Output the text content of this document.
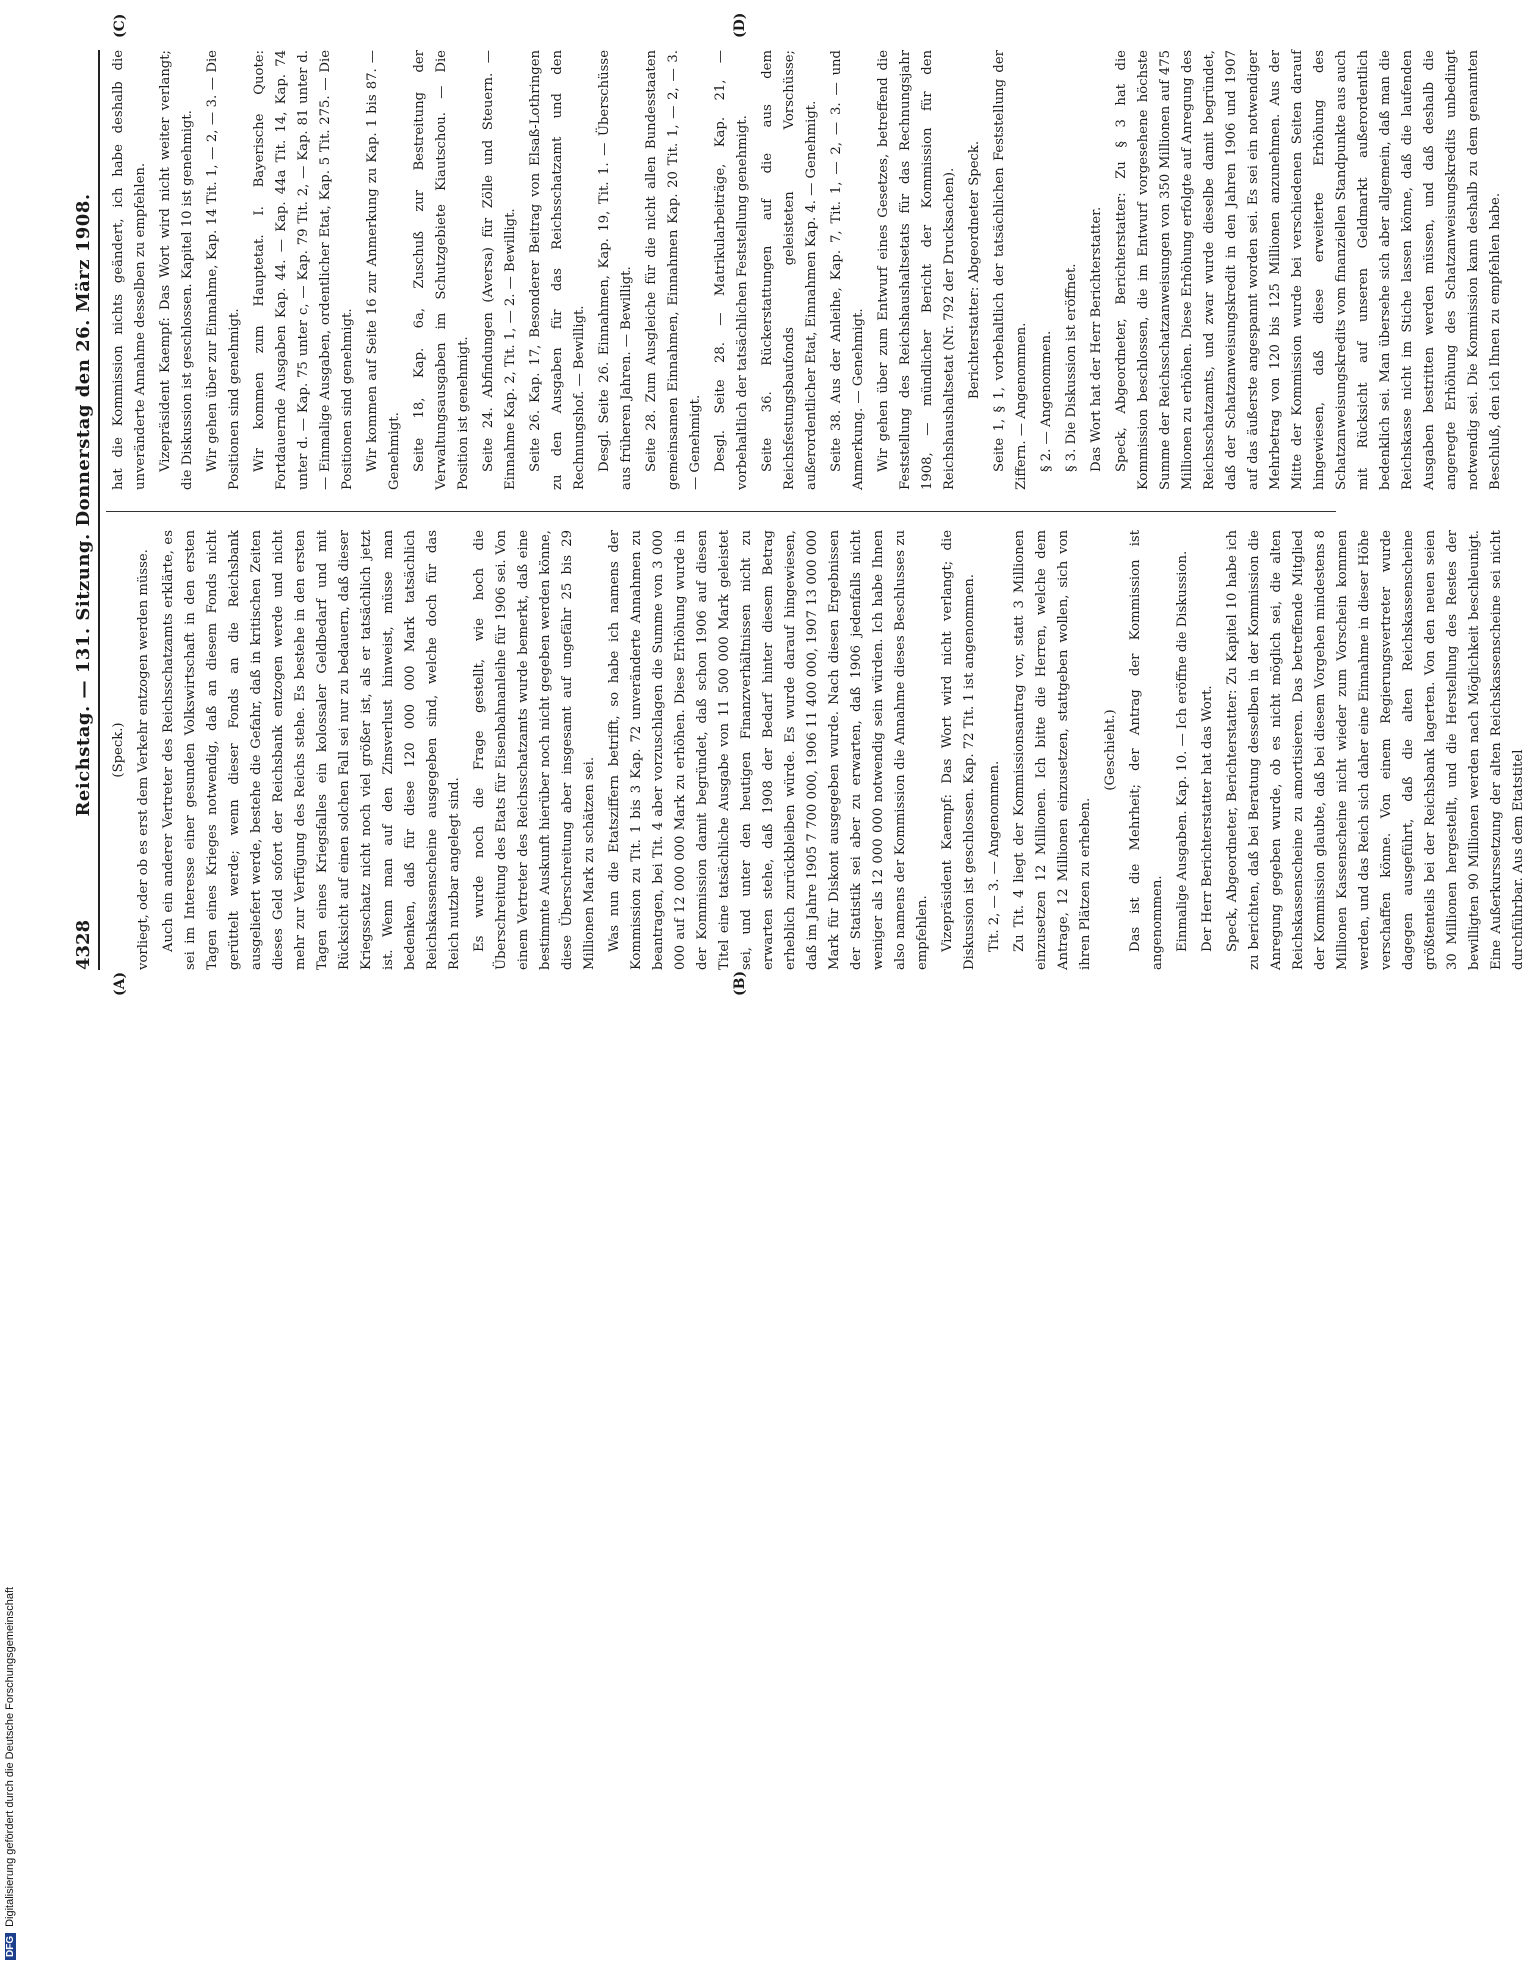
4328
Reichstag. — 131. Sitzung. Donnerstag den 26. März 1908.
(A)	(B)
(C)	(D)

(Speck.) vorliegt, oder ob es erst dem Verkehr entzogen werden müsse. Auch ein anderer Vertreter des Reichsschatzamts erklärte, es sei im Interesse einer gesunden Volkswirtschaft in den ersten Tagen eines Krieges notwendig, daß an diesem Fonds nicht gerüttelt werde; wenn dieser Fonds an die Reichsbank ausgeliefert werde, bestehe die Gefahr, daß in kritischen Zeiten dieses Geld sofort der Reichsbank entzogen werde und nicht mehr zur Verfügung des Reichs stehe. Es bestehe in den ersten Tagen eines Kriegsfalles ein kolossaler Geldbedarf und mit Rücksicht auf einen solchen Fall sei nur zu bedauern, daß dieser Kriegsschatz nicht noch viel größer ist, als er tatsächlich jetzt ist. Wenn man auf den Zinsverlust hinweist, müsse man bedenken, daß für diese 120 000 000 Mark tatsächlich Reichskassenscheine ausgegeben sind, welche doch für das Reich nutzbar angelegt sind. Es wurde noch die Frage gestellt, wie hoch die Überschreitung des Etats für Eisenbahnanleihe für 1906 sei. Von einem Vertreter des Reichsschatzamts wurde bemerkt, daß eine bestimmte Auskunft hierüber noch nicht gegeben werden könne, diese Überschreitung aber insgesamt auf ungefähr 25 bis 29 Millionen Mark zu schätzen sei. Was nun die Etatsziffern betrifft, so habe ich namens der Kommission zu Tit. 1 bis 3 Kap. 72 unveränderte Annahmen zu beantragen, bei Tit. 4 aber vorzuschlagen die Summe von 3 000 000 auf 12 000 000 Mark zu erhöhen. Diese Erhöhung wurde in der Kommission damit begründet, daß schon 1906 auf diesen Titel eine tatsächliche Ausgabe von 11 500 000 Mark geleistet sei, und unter den heutigen Finanzverhältnissen nicht zu erwarten stehe, daß 1908 der Bedarf hinter diesem Betrag erheblich zurückbleiben würde. Es wurde darauf hingewiesen, daß im Jahre 1905 7 700 000, 1906 11 400 000, 1907 13 000 000 Mark für Diskont ausgegeben wurde. Nach diesen Ergebnissen der Statistik sei aber zu erwarten, daß 1906 jedenfalls nicht weniger als 12 000 000 notwendig sein würden. Ich habe Ihnen also namens der Kommission die Annahme dieses Beschlusses zu empfehlen. Vizepräsident Kaempf: Das Wort wird nicht verlangt; die Diskussion ist geschlossen. Kap. 72 Tit. 1 ist angenommen. Tit. 2, — 3. — Angenommen. Zu Tit. 4 liegt der Kommissionsantrag vor, statt 3 Millionen einzusetzen 12 Millionen. Ich bitte die Herren, welche dem Antrage, 12 Millionen einzusetzen, stattgeben wollen, sich von ihren Plätzen zu erheben.

(Geschieht.) Das ist die Mehrheit; der Antrag der Kommission ist angenommen. Einmalige Ausgaben. Kap. 10. — Ich eröffne die Diskussion. Der Herr Berichterstatter hat das Wort. Speck, Abgeordneter, Berichterstatter: Zu Kapitel 10 habe ich zu berichten, daß bei Beratung desselben in der Kommission die Anregung gegeben wurde, ob es nicht möglich sei, die alten Reichskassenscheine zu amortisieren. Das betreffende Mitglied der Kommission glaubte, daß bei diesem Vorgehen mindestens 8 Millionen Kassenscheine nicht wieder zum Vorschein kommen werden, und das Reich sich daher eine Einnahme in dieser Höhe verschaffen könne. Von einem Regierungsvertreter wurde dagegen ausgeführt, daß die alten Reichskassenscheine größtenteils bei der Reichsbank lagerten. Von den neuen seien 30 Millionen hergestellt, und die Herstellung des Restes der bewilligten 90 Millionen werden nach Möglichkeit beschleunigt. Eine Außerkurssetzung der alten Reichskassenscheine sei nicht durchführbar. Aus dem Etatstitel

hat die Kommission nichts geändert, ich habe deshalb die unveränderte Annahme desselben zu empfehlen. Vizepräsident Kaempf: Das Wort wird nicht weiter verlangt; die Diskussion ist geschlossen. Kapitel 10 ist genehmigt. Wir gehen über zur Einnahme, Kap. 14 Tit. 1, — 2, — 3. — Die Positionen sind genehmigt. Wir kommen zum Hauptetat. I. Bayerische Quote: Fortdauernde Ausgaben Kap. 44. — Kap. 44a Tit. 14, Kap. 74 unter d. — Kap. 75 unter c, — Kap. 79 Tit. 2, — Kap. 81 unter d. — Einmalige Ausgaben, ordentlicher Etat, Kap. 5 Tit. 275. — Die Positionen sind genehmigt. Wir kommen auf Seite 16 zur Anmerkung zu Kap. 1 bis 87. — Genehmigt. Seite 18, Kap. 6a, Zuschuß zur Bestreitung der Verwaltungsausgaben im Schutzgebiete Kiautschou. — Die Position ist genehmigt. Seite 24. Abfindungen (Aversa) für Zölle und Steuern. — Einnahme Kap. 2, Tit. 1, — 2. — Bewilligt. Seite 26. Kap. 17, Besonderer Beitrag von Elsaß-Lothringen zu den Ausgaben für das Reichsschatzamt und den Rechnungshof. — Bewilligt. Desgl. Seite 26. Einnahmen, Kap. 19, Tit. 1. — Überschüsse aus früheren Jahren. — Bewilligt. Seite 28. Zum Ausgleiche für die nicht allen Bundesstaaten gemeinsamen Einnahmen, Einnahmen Kap. 20 Tit. 1, — 2, — 3. — Genehmigt. Desgl. Seite 28. — Matrikularbeiträge, Kap. 21, — vorbehaltlich der tatsächlichen Feststellung genehmigt. Seite 36. Rückerstattungen auf die aus dem Reichsfestungsbaufonds geleisteten Vorschüsse; außerordentlicher Etat, Einnahmen Kap. 4. — Genehmigt. Seite 38. Aus der Anleihe, Kap. 7, Tit. 1, — 2, — 3. — und Anmerkung. — Genehmigt. Wir gehen über zum Entwurf eines Gesetzes, betreffend die Feststellung des Reichshaushaltsetats für das Rechnungsjahr 1908, — mündlicher Bericht der Kommission für den Reichshaushaltsetat (Nr. 792 der Drucksachen). Berichterstatter: Abgeordneter Speck. Seite 1, § 1, vorbehaltlich der tatsächlichen Feststellung der Ziffern. — Angenommen. § 2. — Angenommen. § 3. Die Diskussion ist eröffnet. Das Wort hat der Herr Berichterstatter. Speck, Abgeordneter, Berichterstatter: Zu § 3 hat die Kommission beschlossen, die im Entwurf vorgesehene höchste Summe der Reichsschatzanweisungen von 350 Millionen auf 475 Millionen zu erhöhen. Diese Erhöhung erfolgte auf Anregung des Reichsschatzamts, und zwar wurde dieselbe damit begründet, daß der Schatzanweisungskredit in den Jahren 1906 und 1907 auf das äußerste angespannt worden sei. Es sei ein notwendiger Mehrbetrag von 120 bis 125 Millionen anzunehmen. Aus der Mitte der Kommission wurde bei verschiedenen Seiten darauf hingewiesen, daß diese erweiterte Erhöhung des Schatzanweisungskredits vom finanziellen Standpunkte aus auch mit Rücksicht auf unseren Geldmarkt außerordentlich bedenklich sei. Man übersehe sich aber allgemein, daß man die Reichskasse nicht im Stiche lassen könne, daß die laufenden Ausgaben bestritten werden müssen, und daß deshalb die angeregte Erhöhung des Schatzanweisungskredits unbedingt notwendig sei. Die Kommission kann deshalb zu dem genannten Beschluß, den ich Ihnen zu empfehlen habe.

DFGDigitalisierung gefördert durch die Deutsche Forschungsgemeinschaft
